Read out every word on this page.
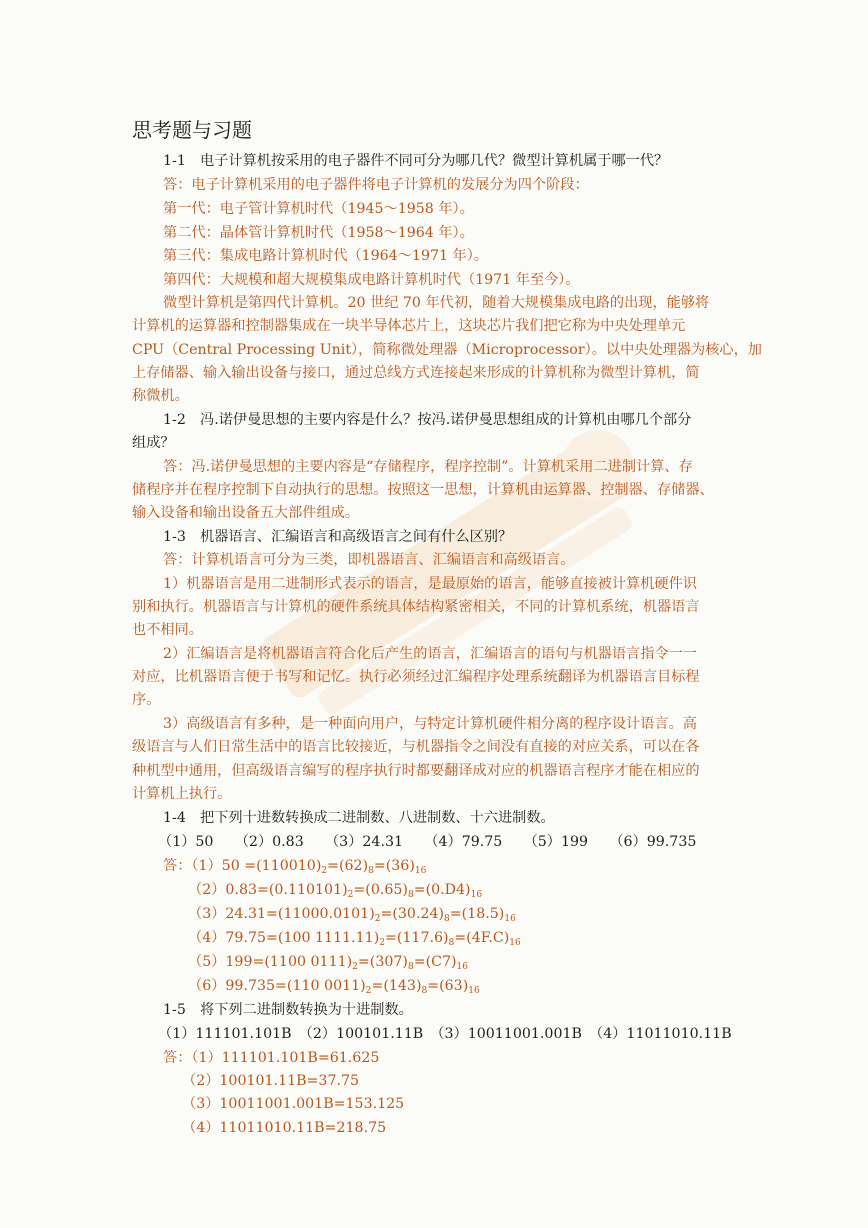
思考题与习题
1-1　电子计算机按采用的电子器件不同可分为哪几代？微型计算机属于哪一代？
答：电子计算机采用的电子器件将电子计算机的发展分为四个阶段：
第一代：电子管计算机时代（1945～1958 年）。
第二代：晶体管计算机时代（1958～1964 年）。
第三代：集成电路计算机时代（1964～1971 年）。
第四代：大规模和超大规模集成电路计算机时代（1971 年至今）。
微型计算机是第四代计算机。20 世纪 70 年代初，随着大规模集成电路的出现，能够将
计算机的运算器和控制器集成在一块半导体芯片上，这块芯片我们把它称为中央处理单元
CPU（Central Processing Unit），简称微处理器（Microprocessor）。以中央处理器为核心，加
上存储器、输入输出设备与接口，通过总线方式连接起来形成的计算机称为微型计算机，简
称微机。
1-2　冯.诺伊曼思想的主要内容是什么？按冯.诺伊曼思想组成的计算机由哪几个部分
组成？
答：冯.诺伊曼思想的主要内容是“存储程序，程序控制”。计算机采用二进制计算、存
储程序并在程序控制下自动执行的思想。按照这一思想，计算机由运算器、控制器、存储器、
输入设备和输出设备五大部件组成。
1-3　机器语言、汇编语言和高级语言之间有什么区别？
答：计算机语言可分为三类，即机器语言、汇编语言和高级语言。
1）机器语言是用二进制形式表示的语言，是最原始的语言，能够直接被计算机硬件识
别和执行。机器语言与计算机的硬件系统具体结构紧密相关，不同的计算机系统，机器语言
也不相同。
2）汇编语言是将机器语言符合化后产生的语言，汇编语言的语句与机器语言指令一一
对应，比机器语言便于书写和记忆。执行必须经过汇编程序处理系统翻译为机器语言目标程
序。
3）高级语言有多种，是一种面向用户，与特定计算机硬件相分离的程序设计语言。高
级语言与人们日常生活中的语言比较接近，与机器指令之间没有直接的对应关系，可以在各
种机型中通用，但高级语言编写的程序执行时都要翻译成对应的机器语言程序才能在相应的
计算机上执行。
1-4　把下列十进数转换成二进制数、八进制数、十六进制数。
（1）50　　（2）0.83　　（3）24.31　　（4）79.75　　（5）199　　（6）99.735
答：$(1)50 =(110010)_2=(62)_8=(36)_{16}$
$(2)0.83=(0.110101)_2=(0.65)_8=(0.D4)_{16}$
$(3)24.31=(11000.0101)_2=(30.24)_8=(18.5)_{16}$
（4）79.75=(100 $1111.11)_2=(117.6)_8=(4F.C)_{16}$
（5）199=(1100 $0111)_2=(307)_8=(C7)_{16}$
（6）99.735=(110 $0011)_2=(143)_8=(63)_{16}$
1-5　将下列二进制数转换为十进制数。
（1）111101.101B　（2）100101.11B　（3）10011001.001B　（4）11011010.11B
答：（1）111101.101B=61.625
（2）100101.11B=37.75
（3）10011001.001B=153.125
（4）11011010.11B=218.75
